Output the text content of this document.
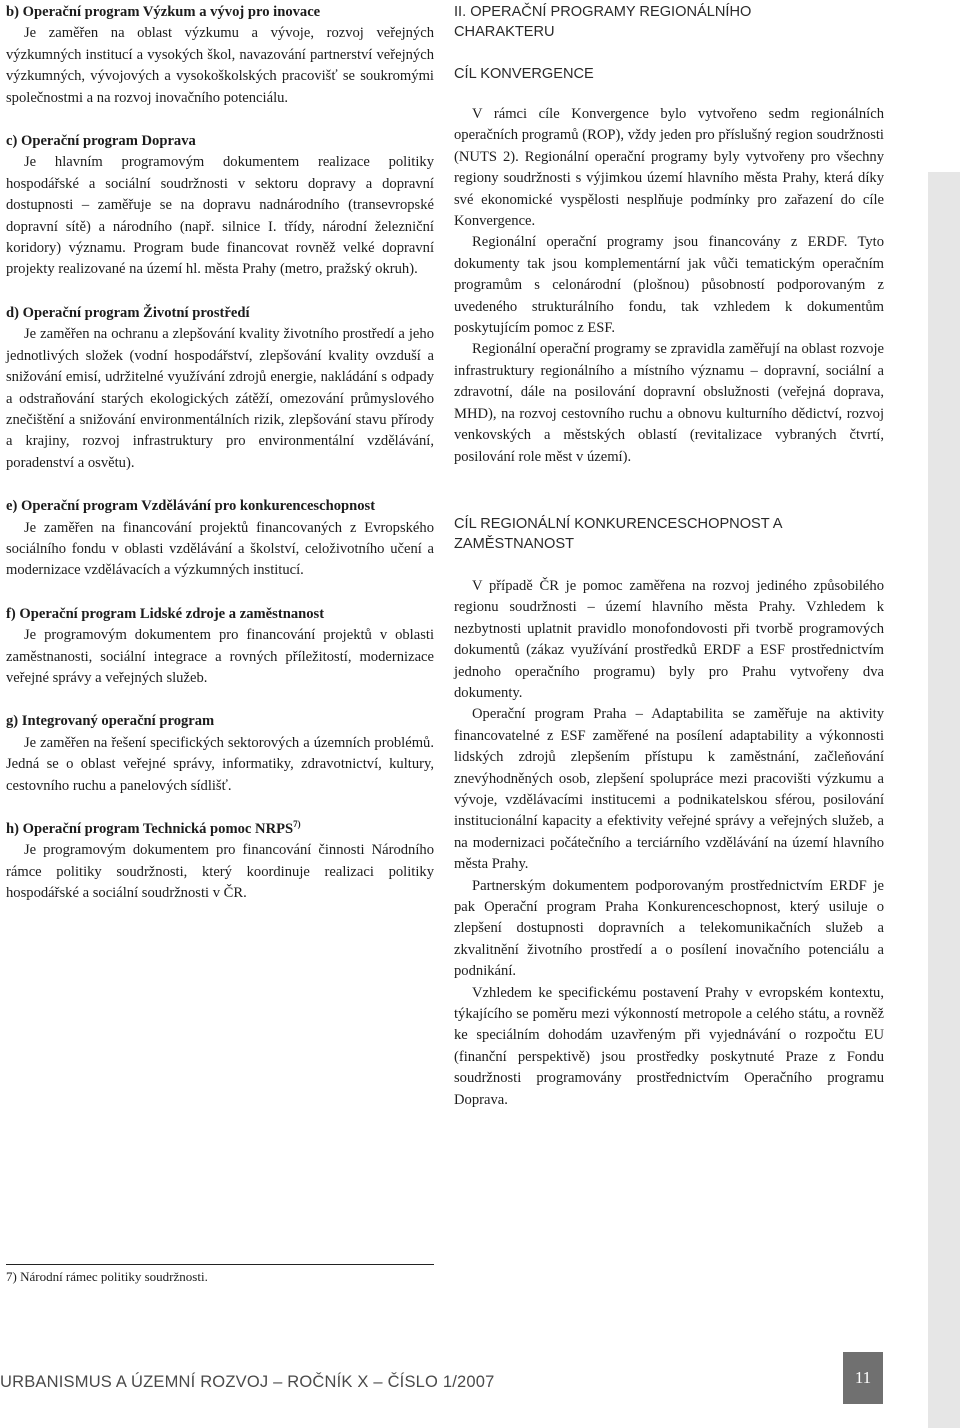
b) Operační program Výzkum a vývoj pro inovace

Je zaměřen na oblast výzkumu a vývoje, rozvoj veřejných výzkumných institucí a vysokých škol, navazování partnerství veřejných výzkumných, vývojových a vysokoškolských pracovišť se soukromými společnostmi a na rozvoj inovačního potenciálu.

c) Operační program Doprava

Je hlavním programovým dokumentem realizace politiky hospodářské a sociální soudržnosti v sektoru dopravy a dopravní dostupnosti – zaměřuje se na dopravu nadnárodního (transevropské dopravní sítě) a národního (např. silnice I. třídy, národní železniční koridory) významu. Program bude financovat rovněž velké dopravní projekty realizované na území hl. města Prahy (metro, pražský okruh).

d) Operační program Životní prostředí

Je zaměřen na ochranu a zlepšování kvality životního prostředí a jeho jednotlivých složek (vodní hospodářství, zlepšování kvality ovzduší a snižování emisí, udržitelné využívání zdrojů energie, nakládání s odpady a odstraňování starých ekologických zátěží, omezování průmyslového znečištění a snižování environmentálních rizik, zlepšování stavu přírody a krajiny, rozvoj infrastruktury pro environmentální vzdělávání, poradenství a osvětu).

e) Operační program Vzdělávání pro konkurenceschopnost

Je zaměřen na financování projektů financovaných z Evropského sociálního fondu v oblasti vzdělávání a školství, celoživotního učení a modernizace vzdělávacích a výzkumných institucí.

f) Operační program Lidské zdroje a zaměstnanost

Je programovým dokumentem pro financování projektů v oblasti zaměstnanosti, sociální integrace a rovných příležitostí, modernizace veřejné správy a veřejných služeb.

g) Integrovaný operační program

Je zaměřen na řešení specifických sektorových a územních problémů. Jedná se o oblast veřejné správy, informatiky, zdravotnictví, kultury, cestovního ruchu a panelových sídlišť.

h) Operační program Technická pomoc NRPS$^{7)}$

Je programovým dokumentem pro financování činnosti Národního rámce politiky soudržnosti, který koordinuje realizaci politiky hospodářské a sociální soudržnosti v ČR.

II. OPERAČNÍ PROGRAMY REGIONÁLNÍHO CHARAKTERU
CÍL KONVERGENCE

V rámci cíle Konvergence bylo vytvořeno sedm regionálních operačních programů (ROP), vždy jeden pro příslušný region soudržnosti (NUTS 2). Regionální operační programy byly vytvořeny pro všechny regiony soudržnosti s výjimkou území hlavního města Prahy, která díky své ekonomické vyspělosti nesplňuje podmínky pro zařazení do cíle Konvergence.

Regionální operační programy jsou financovány z ERDF. Tyto dokumenty tak jsou komplementární jak vůči tematickým operačním programům s celonárodní (plošnou) působností podporovaným z uvedeného strukturálního fondu, tak vzhledem k dokumentům poskytujícím pomoc z ESF.

Regionální operační programy se zpravidla zaměřují na oblast rozvoje infrastruktury regionálního a místního významu – dopravní, sociální a zdravotní, dále na posilování dopravní obslužnosti (veřejná doprava, MHD), na rozvoj cestovního ruchu a obnovu kulturního dědictví, rozvoj venkovských a městských oblastí (revitalizace vybraných čtvrtí, posilování role měst v území).

CÍL REGIONÁLNÍ KONKURENCESCHOPNOST A ZAMĚSTNANOST

V případě ČR je pomoc zaměřena na rozvoj jediného způsobilého regionu soudržnosti – území hlavního města Prahy. Vzhledem k nezbytnosti uplatnit pravidlo monofondovosti při tvorbě programových dokumentů (zákaz využívání prostředků ERDF a ESF prostřednictvím jednoho operačního programu) byly pro Prahu vytvořeny dva dokumenty.

Operační program Praha – Adaptabilita se zaměřuje na aktivity financovatelné z ESF zaměřené na posílení adaptability a výkonnosti lidských zdrojů zlepšením přístupu k zaměstnání, začleňování znevýhodněných osob, zlepšení spolupráce mezi pracovišti výzkumu a vývoje, vzdělávacími institucemi a podnikatelskou sférou, posilování institucionální kapacity a efektivity veřejné správy a veřejných služeb, a na modernizaci počátečního a terciárního vzdělávání na území hlavního města Prahy.

Partnerským dokumentem podporovaným prostřednictvím ERDF je pak Operační program Praha Konkurenceschopnost, který usiluje o zlepšení dostupnosti dopravních a telekomunikačních služeb a zkvalitnění životního prostředí a o posílení inovačního potenciálu a podnikání.

Vzhledem ke specifickému postavení Prahy v evropském kontextu, týkajícího se poměru mezi výkonností metropole a celého státu, a rovněž ke speciálním dohodám uzavřeným při vyjednávání o rozpočtu EU (finanční perspektivě) jsou prostředky poskytnuté Praze z Fondu soudržnosti programovány prostřednictvím Operačního programu Doprava.

7) Národní rámec politiky soudržnosti.
URBANISMUS A ÚZEMNÍ ROZVOJ – ROČNÍK X – ČÍSLO 1/2007	11
